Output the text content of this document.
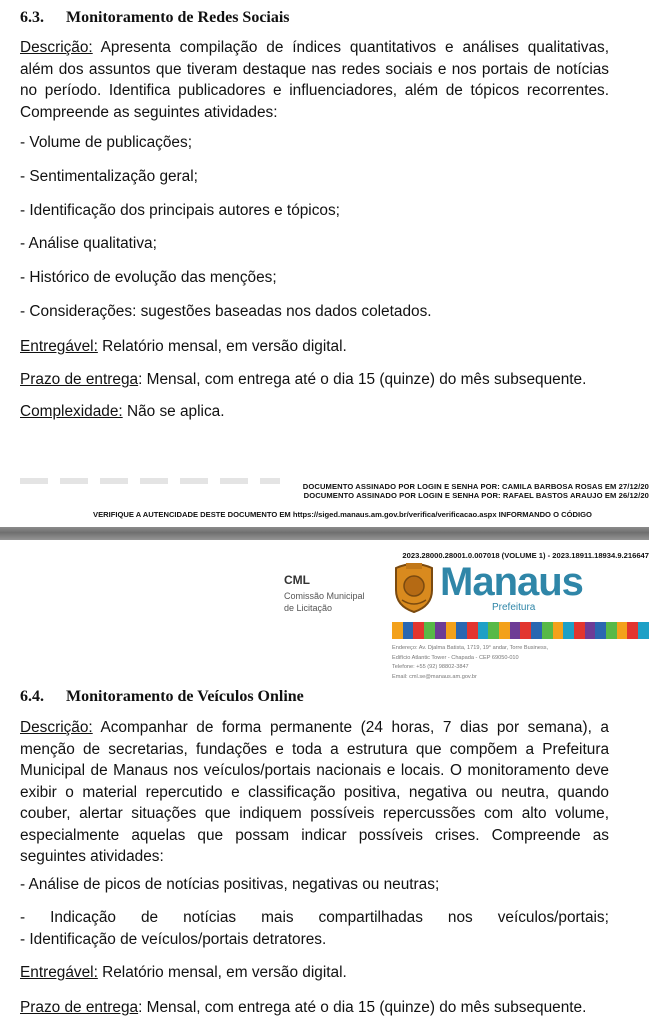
6.3. Monitoramento de Redes Sociais
Descrição: Apresenta compilação de índices quantitativos e análises qualitativas, além dos assuntos que tiveram destaque nas redes sociais e nos portais de notícias no período. Identifica publicadores e influenciadores, além de tópicos recorrentes. Compreende as seguintes atividades:
- Volume de publicações;
- Sentimentalização geral;
- Identificação dos principais autores e tópicos;
- Análise qualitativa;
- Histórico de evolução das menções;
- Considerações: sugestões baseadas nos dados coletados.
Entregável: Relatório mensal, em versão digital.
Prazo de entrega: Mensal, com entrega até o dia 15 (quinze) do mês subsequente.
Complexidade: Não se aplica.
DOCUMENTO ASSINADO POR LOGIN E SENHA POR: CAMILA BARBOSA ROSAS EM 27/12/20
DOCUMENTO ASSINADO POR LOGIN E SENHA POR: RAFAEL BASTOS ARAUJO EM 26/12/20
VERIFIQUE A AUTENCIDADE DESTE DOCUMENTO EM https://siged.manaus.am.gov.br/verifica/verificacao.aspx INFORMANDO O CÓDIGO
2023.28000.28001.0.007018 (VOLUME 1) - 2023.18911.18934.9.216647
CML
Comissão Municipal de Licitação
Manaus
Prefeitura
Endereço: Av. Djalma Batista, 1719, 19° andar, Torre Business,
Edifício Atlantic Tower - Chapada - CEP 69050-010
Telefone: +55 (92) 98802-3847
Email: cml.se@manaus.am.gov.br
6.4. Monitoramento de Veículos Online
Descrição: Acompanhar de forma permanente (24 horas, 7 dias por semana), a menção de secretarias, fundações e toda a estrutura que compõem a Prefeitura Municipal de Manaus nos veículos/portais nacionais e locais. O monitoramento deve exibir o material repercutido e classificação positiva, negativa ou neutra, quando couber, alertar situações que indiquem possíveis repercussões com alto volume, especialmente aquelas que possam indicar possíveis crises. Compreende as seguintes atividades:
- Análise de picos de notícias positivas, negativas ou neutras;
- Indicação de notícias mais compartilhadas nos veículos/portais;
- Identificação de veículos/portais detratores.
Entregável: Relatório mensal, em versão digital.
Prazo de entrega: Mensal, com entrega até o dia 15 (quinze) do mês subsequente.
